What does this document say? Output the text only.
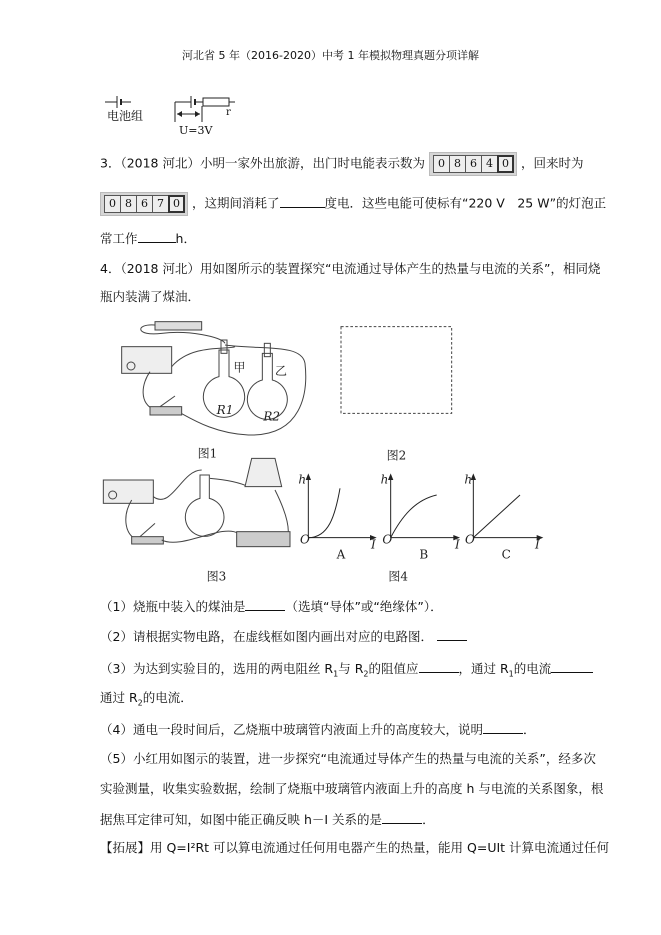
河北省 5 年（2016-2020）中考 1 年模拟物理真题分项详解
电池组
U=3V
r
3．（2018 河北）小明一家外出旅游，出门时电能表示数为	0 8 6 4 0 ，回来时为
0 8 6 7 0 ，这期间消耗了	度电．这些电能可使标有“220 V　25 W”的灯泡正
常工作	h．
4．（2018 河北）用如图所示的装置探究“电流通过导体产生的热量与电流的关系”，相同烧
瓶内装满了煤油．
甲 乙
R1 R2
图1	图2
图3	图4
h h h
O O O
I I I
A B C
（1）烧瓶中装入的煤油是	（选填“导体”或“绝缘体”）．
（2）请根据实物电路，在虚线框如图内画出对应的电路图．
（3）为达到实验目的，选用的两电阻丝 $R_1$与 $R_2$的阻值应	，通过 $R_1$的电流
通过 $R_2$的电流．
（4）通电一段时间后，乙烧瓶中玻璃管内液面上升的高度较大，说明	．
（5）小红用如图示的装置，进一步探究“电流通过导体产生的热量与电流的关系”，经多次
实验测量，收集实验数据，绘制了烧瓶中玻璃管内液面上升的高度 h 与电流的关系图象，根
据焦耳定律可知，如图中能正确反映 h－I 关系的是	．
【拓展】用 Q=I²Rt 可以算电流通过任何用电器产生的热量，能用 Q=UIt 计算电流通过任何
